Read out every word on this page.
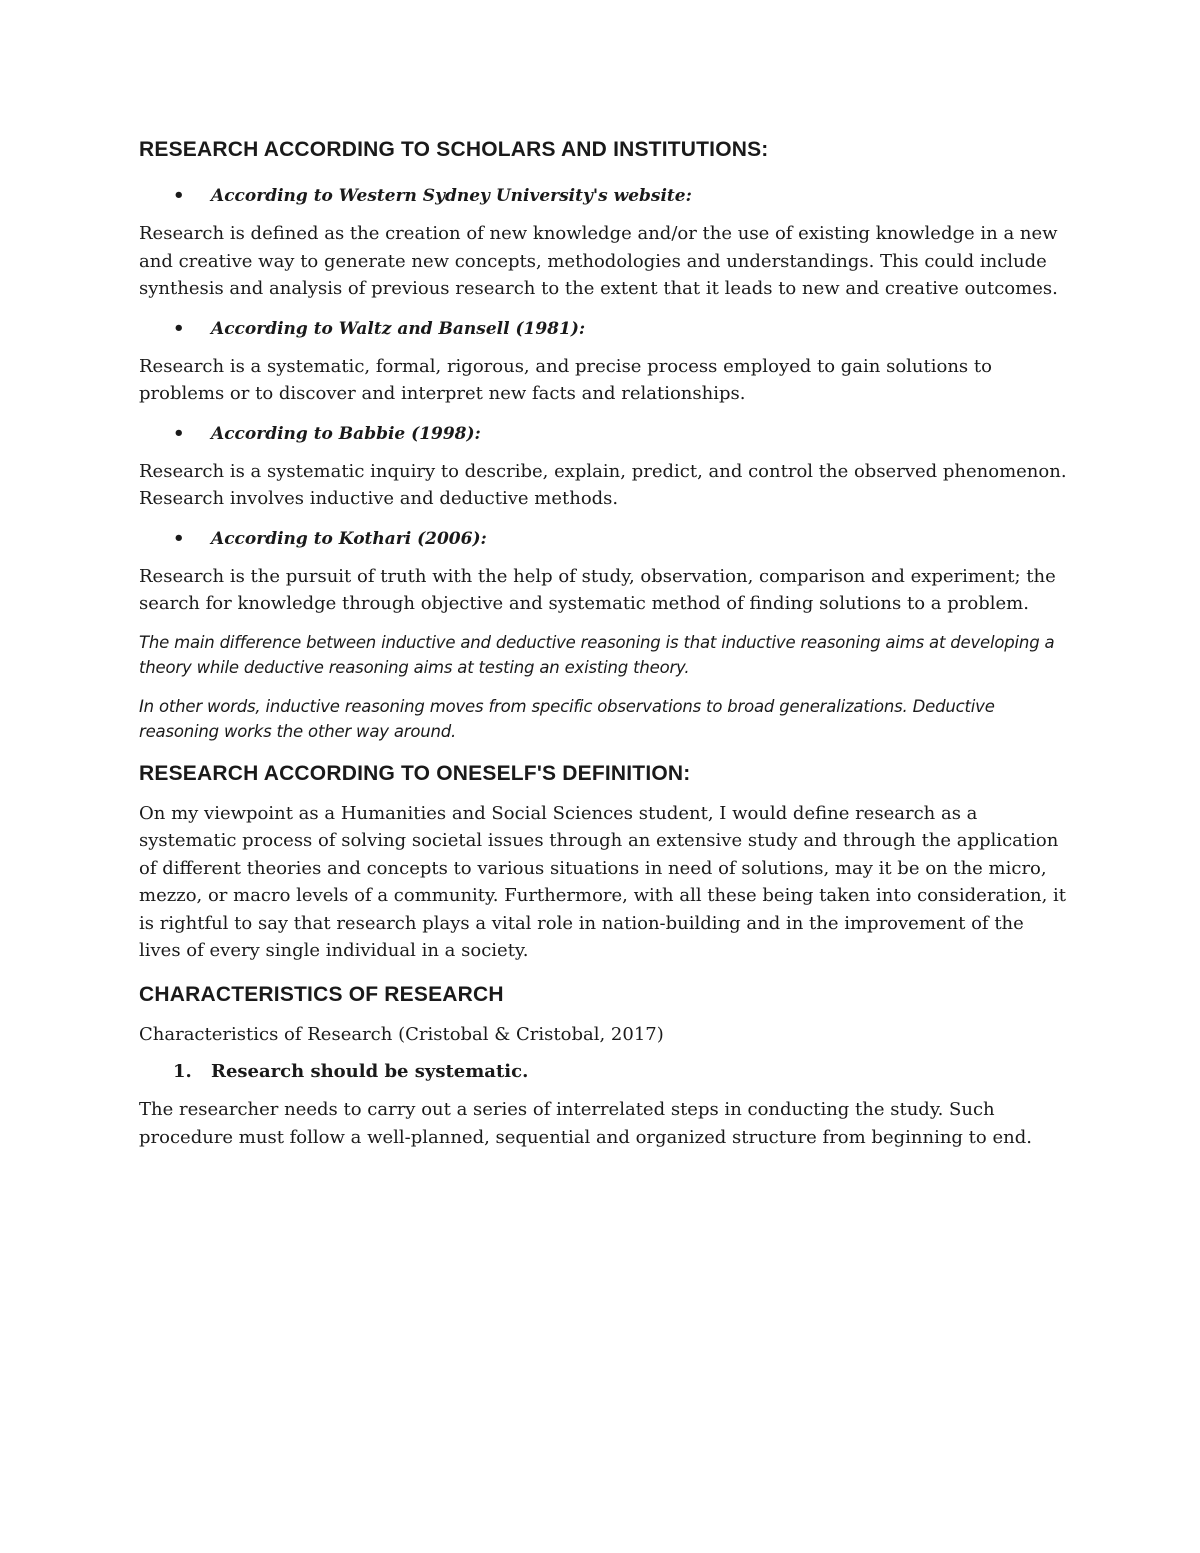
RESEARCH ACCORDING TO SCHOLARS AND INSTITUTIONS:
•	According to Western Sydney University's website:

Research is defined as the creation of new knowledge and/or the use of existing knowledge in a new and creative way to generate new concepts, methodologies and understandings. This could include synthesis and analysis of previous research to the extent that it leads to new and creative outcomes.

•	According to Waltz and Bansell (1981):

Research is a systematic, formal, rigorous, and precise process employed to gain solutions to problems or to discover and interpret new facts and relationships.

•	According to Babbie (1998):

Research is a systematic inquiry to describe, explain, predict, and control the observed phenomenon. Research involves inductive and deductive methods.

•	According to Kothari (2006):

Research is the pursuit of truth with the help of study, observation, comparison and experiment; the search for knowledge through objective and systematic method of finding solutions to a problem.

The main difference between inductive and deductive reasoning is that inductive reasoning aims at developing a theory while deductive reasoning aims at testing an existing theory.

In other words, inductive reasoning moves from specific observations to broad generalizations. Deductive reasoning works the other way around.

RESEARCH ACCORDING TO ONESELF'S DEFINITION:

On my viewpoint as a Humanities and Social Sciences student, I would define research as a systematic process of solving societal issues through an extensive study and through the application of different theories and concepts to various situations in need of solutions, may it be on the micro, mezzo, or macro levels of a community. Furthermore, with all these being taken into consideration, it is rightful to say that research plays a vital role in nation-building and in the improvement of the lives of every single individual in a society.

CHARACTERISTICS OF RESEARCH

Characteristics of Research (Cristobal & Cristobal, 2017)

1.	Research should be systematic.

The researcher needs to carry out a series of interrelated steps in conducting the study. Such procedure must follow a well-planned, sequential and organized structure from beginning to end.
